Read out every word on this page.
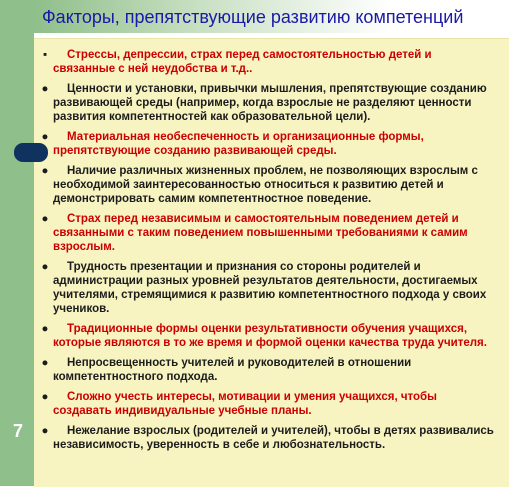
Факторы, препятствующие развитию компетенций
7
▪	Стрессы, депрессии, страх перед самостоятельностью детей и связанные с ней неудобства и т.д..
●	Ценности и установки, привычки мышления, препятствующие созданию развивающей среды (например, когда взрослые не разделяют ценности развития компетентностей как образовательной цели).
●	Материальная необеспеченность и организационные формы, препятствующие созданию развивающей среды.
●	Наличие различных жизненных проблем, не позволяющих взрослым с необходимой заинтересованностью относиться к развитию детей и демонстрировать самим компетентностное поведение.
●	Страх перед независимым и самостоятельным поведением детей и связанными с таким поведением повышенными требованиями к самим взрослым.
●	Трудность презентации и признания со стороны родителей и администрации разных уровней результатов деятельности, достигаемых учителями, стремящимися к развитию компетентностного подхода у своих учеников.
●	Традиционные формы оценки результативности обучения учащихся, которые являются в то же время и формой оценки качества труда учителя.
●	Непросвещенность учителей и руководителей в отношении компетентностного подхода.
●	Сложно учесть интересы, мотивации и умения учащихся, чтобы создавать индивидуальные учебные планы.
●	Нежелание взрослых (родителей и учителей), чтобы в детях развивались независимость, уверенность в себе и любознательность.
